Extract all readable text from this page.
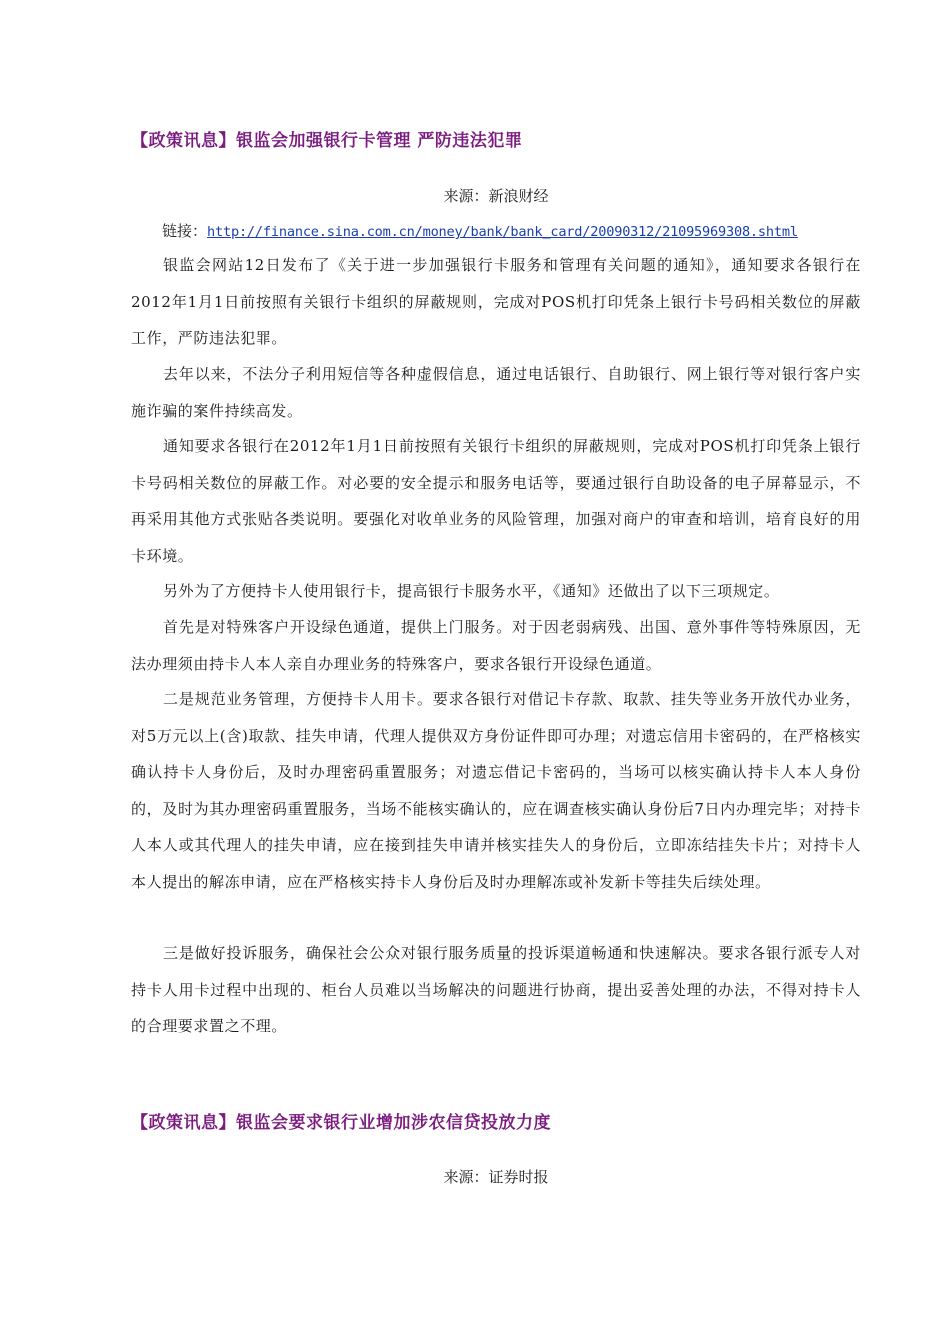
【政策讯息】银监会加强银行卡管理 严防违法犯罪

来源：新浪财经

链接：http://finance.sina.com.cn/money/bank/bank_card/20090312/21095969308.shtml

银监会网站12日发布了《关于进一步加强银行卡服务和管理有关问题的通知》，通知要求各银行在2012年1月1日前按照有关银行卡组织的屏蔽规则，完成对POS机打印凭条上银行卡号码相关数位的屏蔽工作，严防违法犯罪。

去年以来，不法分子利用短信等各种虚假信息，通过电话银行、自助银行、网上银行等对银行客户实施诈骗的案件持续高发。

通知要求各银行在2012年1月1日前按照有关银行卡组织的屏蔽规则，完成对POS机打印凭条上银行卡号码相关数位的屏蔽工作。对必要的安全提示和服务电话等，要通过银行自助设备的电子屏幕显示，不再采用其他方式张贴各类说明。要强化对收单业务的风险管理，加强对商户的审查和培训，培育良好的用卡环境。

另外为了方便持卡人使用银行卡，提高银行卡服务水平，《通知》还做出了以下三项规定。

首先是对特殊客户开设绿色通道，提供上门服务。对于因老弱病残、出国、意外事件等特殊原因，无法办理须由持卡人本人亲自办理业务的特殊客户，要求各银行开设绿色通道。

二是规范业务管理，方便持卡人用卡。要求各银行对借记卡存款、取款、挂失等业务开放代办业务，对5万元以上(含)取款、挂失申请，代理人提供双方身份证件即可办理；对遗忘信用卡密码的，在严格核实确认持卡人身份后，及时办理密码重置服务；对遗忘借记卡密码的，当场可以核实确认持卡人本人身份的，及时为其办理密码重置服务，当场不能核实确认的，应在调查核实确认身份后7日内办理完毕；对持卡人本人或其代理人的挂失申请，应在接到挂失申请并核实挂失人的身份后，立即冻结挂失卡片；对持卡人本人提出的解冻申请，应在严格核实持卡人身份后及时办理解冻或补发新卡等挂失后续处理。

三是做好投诉服务，确保社会公众对银行服务质量的投诉渠道畅通和快速解决。要求各银行派专人对持卡人用卡过程中出现的、柜台人员难以当场解决的问题进行协商，提出妥善处理的办法，不得对持卡人的合理要求置之不理。

【政策讯息】银监会要求银行业增加涉农信贷投放力度

来源：证券时报
